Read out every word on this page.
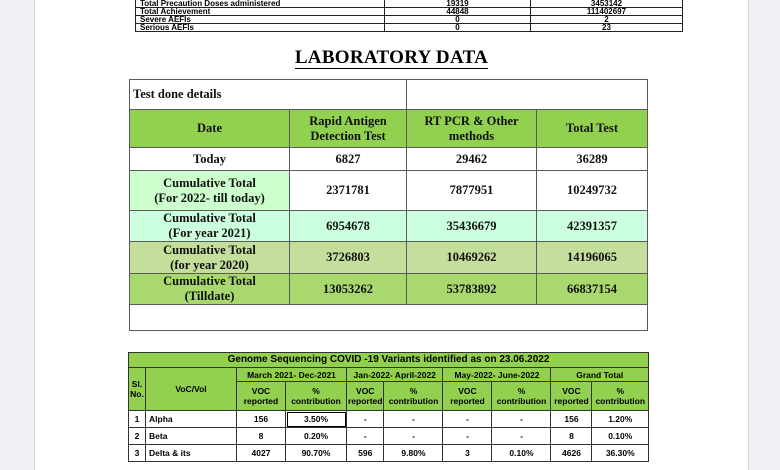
Total Precaution Doses administered	19319	3453142
Total Achievement	44848	111402697
Severe AEFIs	0	2
Serious AEFIs	0	23
LABORATORY DATA
Test done details			
Date	Rapid Antigen Detection Test	RT PCR & Other methods	Total Test
Today	6827	29462	36289
Cumulative Total
(For 2022- till today)	2371781	7877951	10249732
Cumulative Total
(For year 2021)	6954678	35436679	42391357
Cumulative Total
(for year 2020)	3726803	10469262	14196065
Cumulative Total
(Tilldate)	13053262	53783892	66837154

Genome Sequencing COVID -19 Variants identified as on 23.06.2022									
Sl. No.	VoC/VoI	March 2021- Dec-2021		Jan-2022- April-2022		May-2022- June-2022		Grand Total	
		VOC reported	% contribution	VOC reported	% contribution	VOC reported	% contribution	VOC reported	% contribution
1	Alpha	156	3.50%	-	-	-	-	156	1.20%
2	Beta	8	0.20%	-	-	-	-	8	0.10%
3	Delta & its	4027	90.70%	596	9.80%	3	0.10%	4626	36.30%
